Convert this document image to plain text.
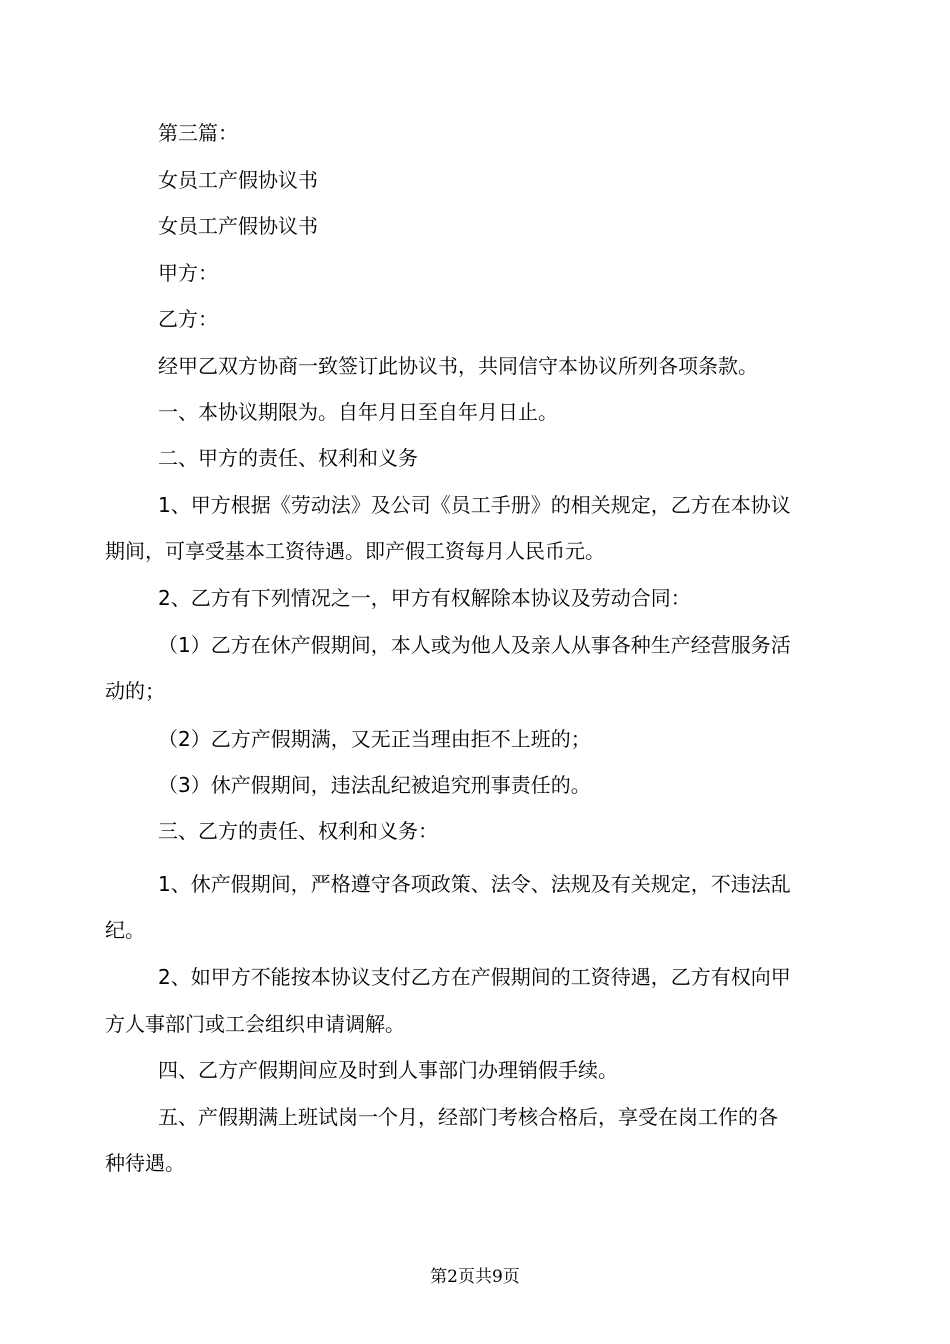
第三篇：
女员工产假协议书
女员工产假协议书
甲方：
乙方：
经甲乙双方协商一致签订此协议书，共同信守本协议所列各项条款。
一、本协议期限为。自年月日至自年月日止。
二、甲方的责任、权利和义务
1、甲方根据《劳动法》及公司《员工手册》的相关规定，乙方在本协议
期间，可享受基本工资待遇。即产假工资每月人民币元。
2、乙方有下列情况之一，甲方有权解除本协议及劳动合同：
（1）乙方在休产假期间，本人或为他人及亲人从事各种生产经营服务活
动的；
（2）乙方产假期满，又无正当理由拒不上班的；
（3）休产假期间，违法乱纪被追究刑事责任的。
三、乙方的责任、权利和义务：
1、休产假期间，严格遵守各项政策、法令、法规及有关规定，不违法乱
纪。
2、如甲方不能按本协议支付乙方在产假期间的工资待遇，乙方有权向甲
方人事部门或工会组织申请调解。
四、乙方产假期间应及时到人事部门办理销假手续。
五、产假期满上班试岗一个月，经部门考核合格后，享受在岗工作的各
种待遇。
第2页共9页
